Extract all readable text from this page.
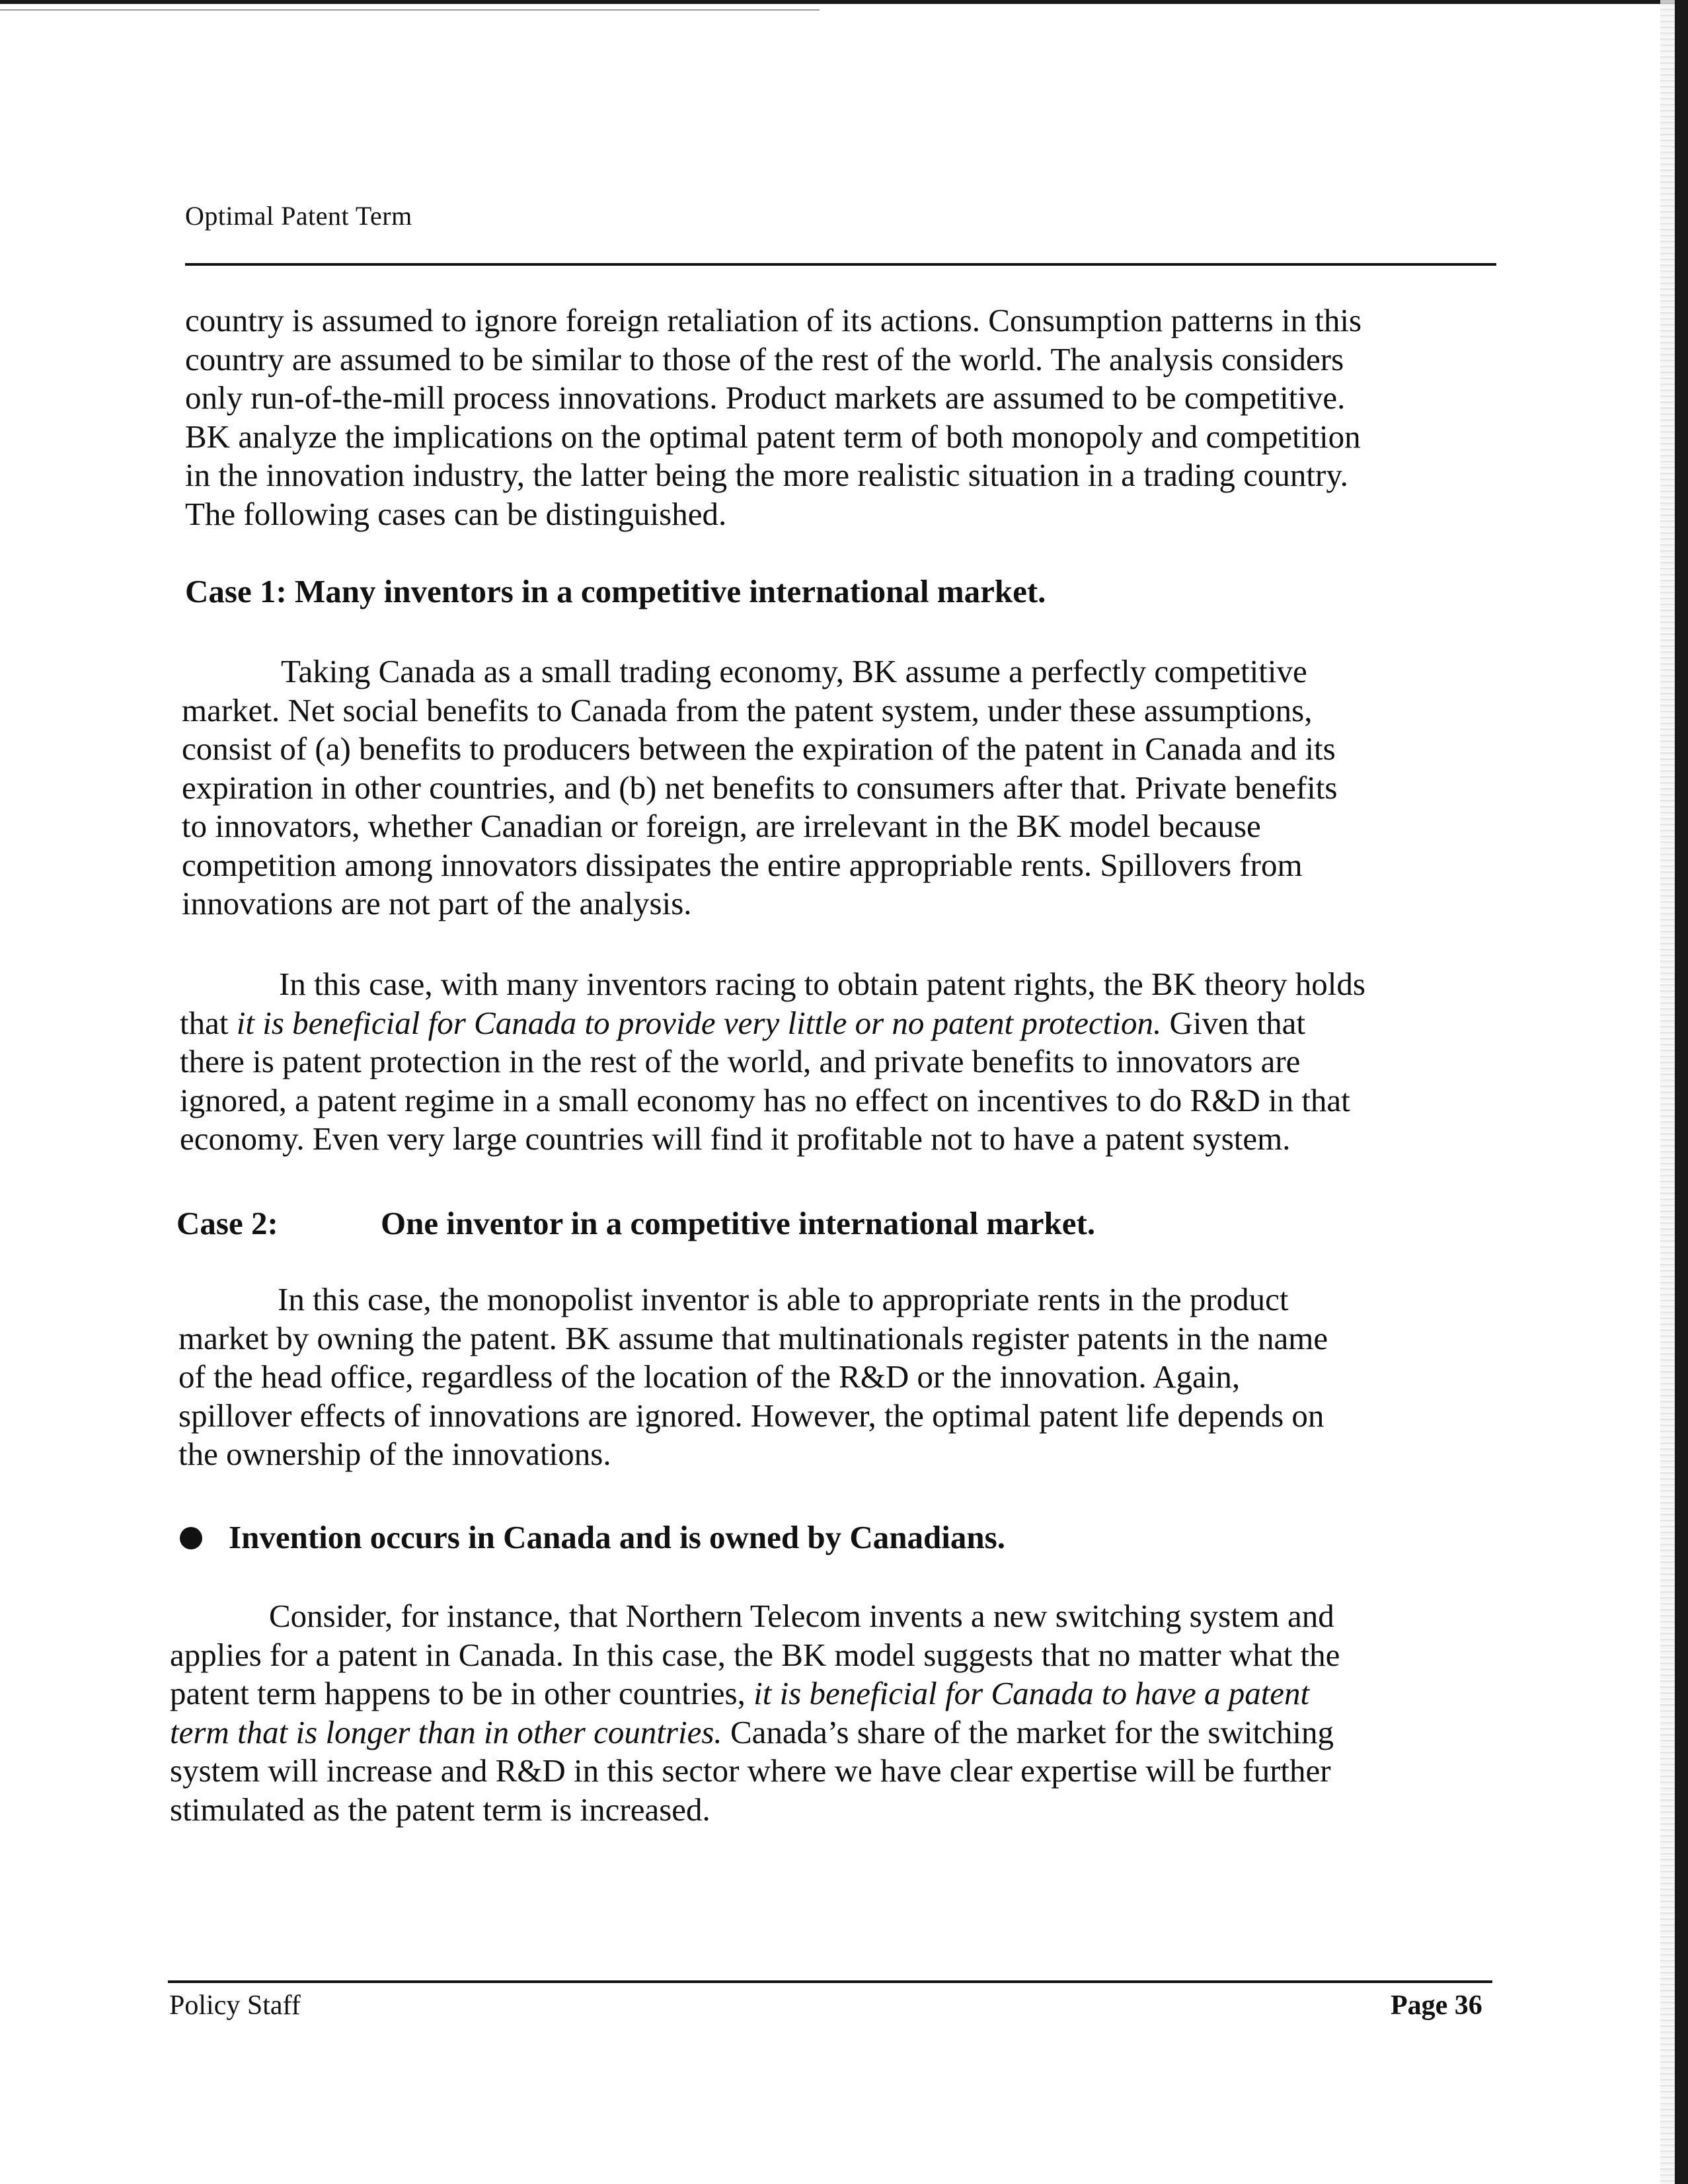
Optimal Patent Term
country is assumed to ignore foreign retaliation of its actions. Consumption patterns in this
country are assumed to be similar to those of the rest of the world. The analysis considers
only run-of-the-mill process innovations. Product markets are assumed to be competitive.
BK analyze the implications on the optimal patent term of both monopoly and competition
in the innovation industry, the latter being the more realistic situation in a trading country.
The following cases can be distinguished.
Case 1: Many inventors in a competitive international market.
Taking Canada as a small trading economy, BK assume a perfectly competitive
market. Net social benefits to Canada from the patent system, under these assumptions,
consist of (a) benefits to producers between the expiration of the patent in Canada and its
expiration in other countries, and (b) net benefits to consumers after that. Private benefits
to innovators, whether Canadian or foreign, are irrelevant in the BK model because
competition among innovators dissipates the entire appropriable rents. Spillovers from
innovations are not part of the analysis.
In this case, with many inventors racing to obtain patent rights, the BK theory holds
that it is beneficial for Canada to provide very little or no patent protection. Given that
there is patent protection in the rest of the world, and private benefits to innovators are
ignored, a patent regime in a small economy has no effect on incentives to do R&D in that
economy. Even very large countries will find it profitable not to have a patent system.
Case 2:	One inventor in a competitive international market.
In this case, the monopolist inventor is able to appropriate rents in the product
market by owning the patent. BK assume that multinationals register patents in the name
of the head office, regardless of the location of the R&D or the innovation. Again,
spillover effects of innovations are ignored. However, the optimal patent life depends on
the ownership of the innovations.
Invention occurs in Canada and is owned by Canadians.
Consider, for instance, that Northern Telecom invents a new switching system and
applies for a patent in Canada. In this case, the BK model suggests that no matter what the
patent term happens to be in other countries, it is beneficial for Canada to have a patent
term that is longer than in other countries. Canada’s share of the market for the switching
system will increase and R&D in this sector where we have clear expertise will be further
stimulated as the patent term is increased.
Policy Staff	Page 36
